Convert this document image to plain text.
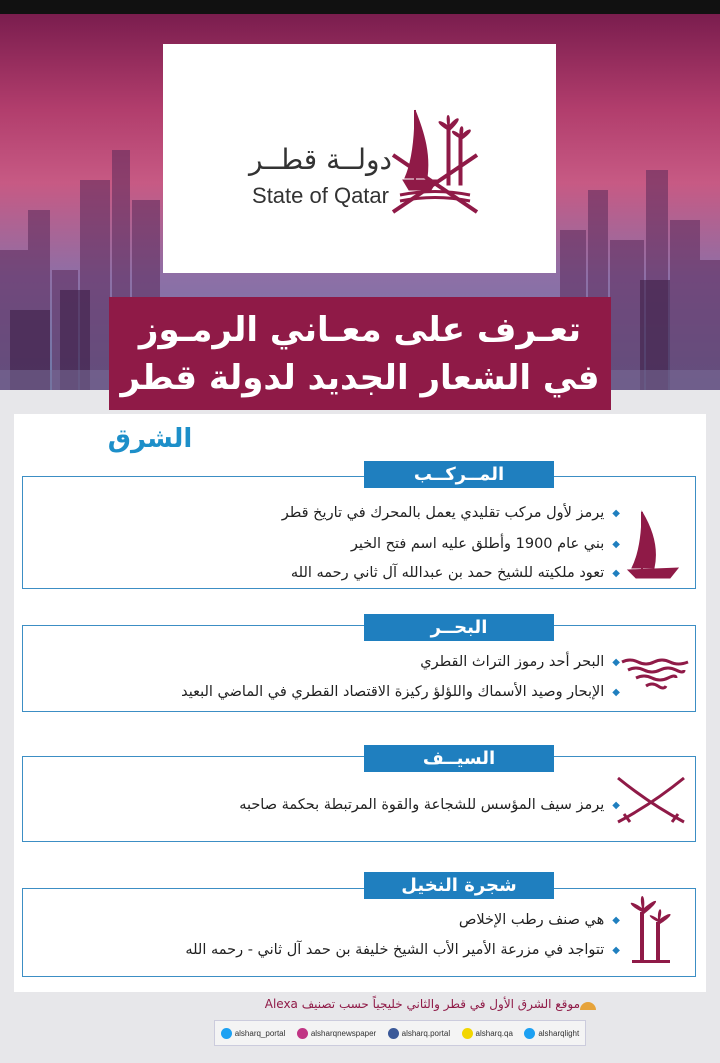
دولــة قطــر
State of Qatar
تعـرف على معـاني الرمـوز
في الشعار الجديد لدولة قطر
الشرق
المــركــب
◆يرمز لأول مركب تقليدي يعمل بالمحرك في تاريخ قطر
◆بني عام 1900 وأطلق عليه اسم فتح الخير
◆تعود ملكيته للشيخ حمد بن عبدالله آل ثاني رحمه الله
البحــر
◆البحر أحد رموز التراث القطري
◆الإبحار وصيد الأسماك واللؤلؤ ركيزة الاقتصاد القطري في الماضي البعيد
السيــف
◆يرمز سيف المؤسس للشجاعة والقوة المرتبطة بحكمة صاحبه
شجرة النخيل
◆هي صنف رطب الإخلاص
◆تتواجد في مزرعة الأمير الأب الشيخ خليفة بن حمد آل ثاني - رحمه الله
موقع الشرق الأول في قطر والثاني خليجياً حسب تصنيف Alexa
alsharq_portal	alsharqnewspaper	alsharq.portal	alsharq.qa	alsharqlight
